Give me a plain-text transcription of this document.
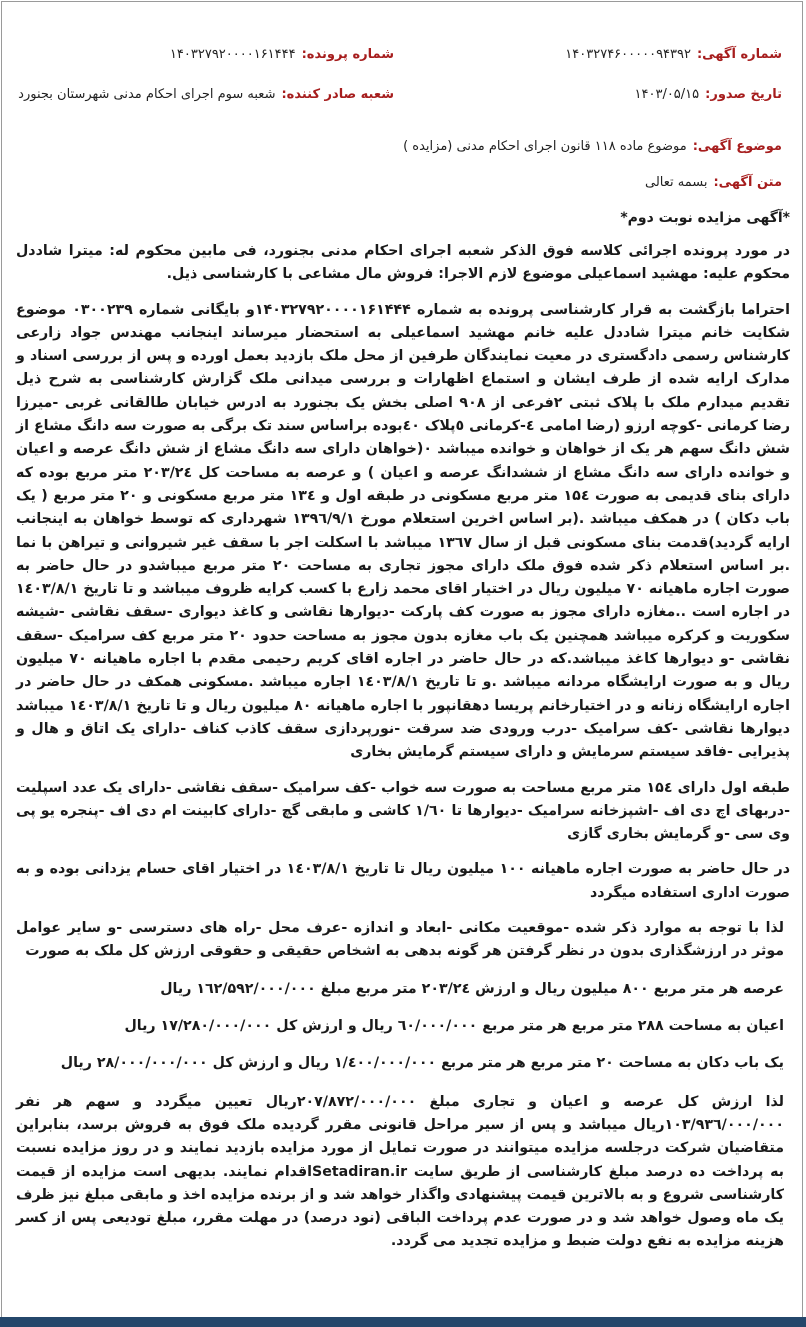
شماره آگهی:
۱۴۰۳۲۷۴۶۰۰۰۰۰۹۴۳۹۲
شماره پرونده:
۱۴۰۳۲۷۹۲۰۰۰۰۱۶۱۴۴۴
تاریخ صدور:
۱۴۰۳/۰۵/۱۵
شعبه صادر کننده:
شعبه سوم اجرای احکام مدنی شهرستان بجنورد
موضوع آگهی:
موضوع ماده ۱۱۸ قانون اجرای احکام مدنی (مزایده )
متن آگهی:
بسمه تعالی
*آگهی مزایده نوبت دوم*

در مورد پرونده اجرائی کلاسه فوق الذکر شعبه اجرای احکام مدنی بجنورد، فی مابین محکوم له: میترا شاددل محکوم علیه: مهشید اسماعیلی موضوع لازم الاجرا: فروش مال مشاعی با کارشناسی ذیل.

احتراما بازگشت به قرار کارشناسی پرونده به شماره ۱۴۰۳۲۷۹۲۰۰۰۰۱۶۱۴۴۴و بایگانی شماره ۰۳۰۰۲۳۹ موضوع شکایت خانم میترا شاددل علیه خانم مهشید اسماعیلی به استحضار میرساند اینجانب مهندس جواد زارعی کارشناس رسمی دادگستری در معیت نمایندگان طرفین از محل ملک بازدید بعمل اورده و پس از بررسی اسناد و مدارک ارایه شده از طرف ایشان و استماع اظهارات و بررسی میدانی ملک گزارش کارشناسی به شرح ذیل تقدیم میدارم ملک با پلاک ثبتی ۲فرعی از ۹۰۸ اصلی بخش یک بجنورد به ادرس خیابان طالقانی غربی -میرزا رضا کرمانی -کوچه ارزو (رضا امامی ٤-کرمانی ٥پلاک ٤٠بوده براساس سند تک برگی به صورت سه دانگ مشاع از شش دانگ سهم هر یک از خواهان و خوانده میباشد ۰(خواهان دارای سه دانگ مشاع از شش دانگ عرصه و اعیان و خوانده دارای سه دانگ مشاع از ششدانگ عرصه و اعیان ) و عرصه به مساحت کل ۲۰۳/۲٤ متر مربع بوده که دارای بنای قدیمی به صورت ۱۵٤ متر مربع مسکونی در طبقه اول و ۱۳٤ متر مربع مسکونی و ۲۰ متر مربع ( یک باب دکان ) در همکف میباشد .(بر اساس اخرین استعلام مورخ ۱۳۹٦/۹/۱ شهرداری که توسط خواهان به اینجانب ارایه گردید)قدمت بنای مسکونی قبل از سال ۱۳٦۷ میباشد با اسکلت اجر با سقف غیر شیروانی و تیراهن با نما .بر اساس استعلام ذکر شده فوق ملک دارای مجوز تجاری به مساحت ۲۰ متر مربع میباشدو در حال حاضر به صورت اجاره ماهیانه ۷۰ میلیون ریال در اختیار اقای محمد زارع با کسب کرایه ظروف میباشد و تا تاریخ ۱٤۰۳/۸/۱ در اجاره است ..مغازه دارای مجوز به صورت کف پارکت -دیوارها نقاشی و کاغذ دیواری -سقف نقاشی -شیشه سکوریت و کرکره میباشد همچنین یک باب مغازه بدون مجوز به مساحت حدود ۲۰ متر مربع کف سرامیک -سقف نقاشی -و دیوارها کاغذ میباشد.که در حال حاضر در اجاره اقای کریم رحیمی مقدم با اجاره ماهیانه ۷۰ میلیون ریال و به صورت ارایشگاه مردانه میباشد .و تا تاریخ ۱٤۰۳/۸/۱ اجاره میباشد .مسکونی همکف در حال حاضر در اجاره ارایشگاه زنانه و در اختیارخانم پریسا دهقانپور با اجاره ماهیانه ۸۰ میلیون ریال و تا تاریخ ۱٤۰۳/۸/۱ میباشد دیوارها نقاشی -کف سرامیک -درب ورودی ضد سرقت -نورپردازی سقف کاذب کناف -دارای یک اتاق و هال و پذیرایی -فاقد سیستم سرمایش و دارای سیستم گرمایش بخاری

طبقه اول دارای ۱۵٤ متر مربع مساحت به صورت سه خواب -کف سرامیک -سقف نقاشی -دارای یک عدد اسپلیت -دربهای اچ دی اف -اشپزخانه سرامیک -دیوارها تا ۱/٦۰ کاشی و مابقی گچ -دارای کابینت ام دی اف -پنجره یو پی وی سی -و گرمایش بخاری گازی

در حال حاضر به صورت اجاره ماهیانه ۱۰۰ میلیون ریال تا تاریخ ۱٤۰۳/۸/۱ در اختیار اقای حسام یزدانی بوده و به صورت اداری استفاده میگردد

لذا با توجه به موارد ذکر شده -موقعیت مکانی -ابعاد و اندازه -عرف محل -راه های دسترسی -و سایر عوامل موثر در ارزشگذاری بدون در نظر گرفتن هر گونه بدهی به اشخاص حقیقی و حقوقی ارزش کل ملک به صورت

عرصه هر متر مربع ۸۰۰ میلیون ریال و ارزش ۲۰۳/۲٤ متر مربع مبلغ ۱٦۲/۵۹۲/۰۰۰/۰۰۰ ریال
اعیان به مساحت ۲۸۸ متر مربع هر متر مربع ٦۰/۰۰۰/۰۰۰ ریال و ارزش کل ۱۷/۲۸۰/۰۰۰/۰۰۰ ریال
یک باب دکان به مساحت ۲۰ متر مربع هر متر مربع ۱/٤۰۰/۰۰۰/۰۰۰ ریال و ارزش کل ۲۸/۰۰۰/۰۰۰/۰۰۰ ریال

لذا ارزش کل عرصه و اعیان و تجاری مبلغ ۲۰۷/۸۷۲/۰۰۰/۰۰۰ریال تعیین میگردد و سهم هر نفر ۱۰۳/۹۳٦/۰۰۰/۰۰۰ریال میباشد و پس از سیر مراحل قانونی مقرر گردیده ملک فوق به فروش برسد، بنابراین متقاضیان شرکت درجلسه مزایده میتوانند در صورت تمایل از مورد مزایده بازدید نمایند و در روز مزایده نسبت به پرداخت ده درصد مبلغ کارشناسی از طریق سایت Setadiran.irاقدام نمایند. بدیهی است مزایده از قیمت کارشناسی شروع و به بالاترین قیمت پیشنهادی واگذار خواهد شد و از برنده مزایده اخذ و مابقی مبلغ نیز ظرف یک ماه وصول خواهد شد و در صورت عدم پرداخت الباقی (نود درصد) در مهلت مقرر، مبلغ تودیعی پس از کسر هزینه مزایده به نفع دولت ضبط و مزایده تجدید می گردد.
